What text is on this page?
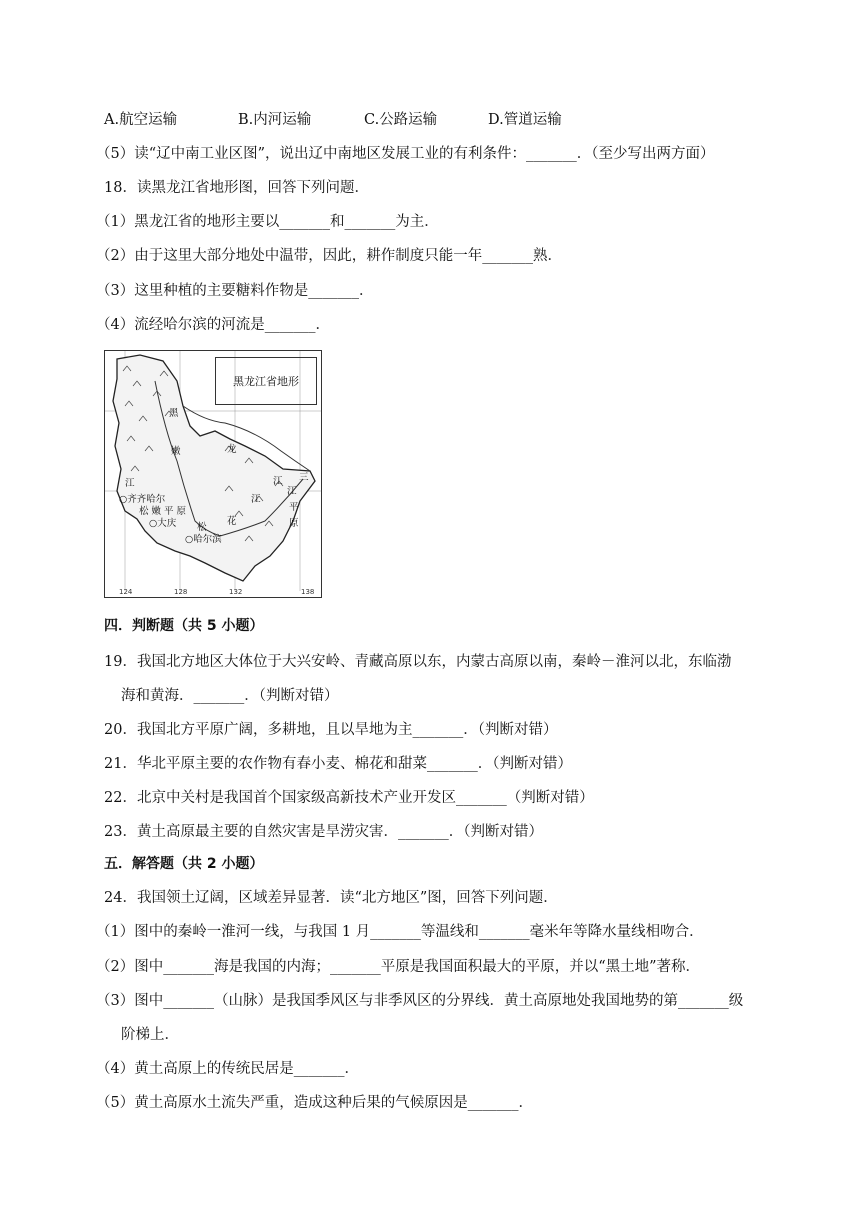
A.航空运输	B.内河运输	C.公路运输	D.管道运输
（5）读“辽中南工业区图”，说出辽中南地区发展工业的有利条件：_______．（至少写出两方面）
18．读黑龙江省地形图，回答下列问题．
（1）黑龙江省的地形主要以_______和_______为主．
（2）由于这里大部分地处中温带，因此，耕作制度只能一年_______熟．
（3）这里种植的主要糖料作物是_______．
（4）流经哈尔滨的河流是_______．
黑龙江省地形
黑
龙
江
嫩
江
○齐齐哈尔
松 嫩 平 原
○大庆 松
花
○哈尔滨
江
三
江
平
原
124	128	132	138
四．判断题（共 5 小题）
19．我国北方地区大体位于大兴安岭、青藏高原以东，内蒙古高原以南，秦岭－淮河以北，东临渤
海和黄海．_______．（判断对错）
20．我国北方平原广阔，多耕地，且以旱地为主_______．（判断对错）
21．华北平原主要的农作物有春小麦、棉花和甜菜_______．（判断对错）
22．北京中关村是我国首个国家级高新技术产业开发区_______（判断对错）
23．黄土高原最主要的自然灾害是旱涝灾害．_______．（判断对错）
五．解答题（共 2 小题）
24．我国领土辽阔，区域差异显著．读“北方地区”图，回答下列问题．
（1）图中的秦岭一淮河一线，与我国 1 月_______等温线和_______毫米年等降水量线相吻合．
（2）图中_______海是我国的内海；_______平原是我国面积最大的平原，并以“黑土地”著称．
（3）图中_______（山脉）是我国季风区与非季风区的分界线．黄土高原地处我国地势的第_______级
阶梯上．
（4）黄土高原上的传统民居是_______．
（5）黄土高原水土流失严重，造成这种后果的气候原因是_______．
